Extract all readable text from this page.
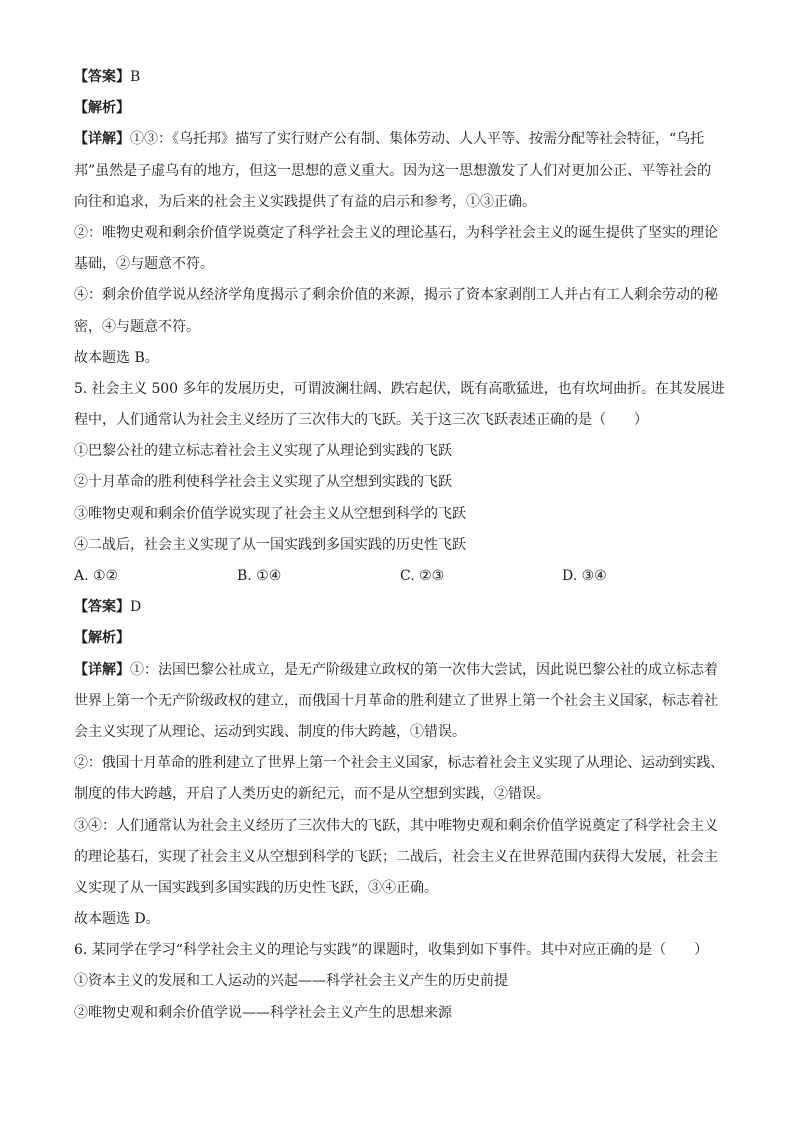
【答案】B
【解析】
【详解】①③：《乌托邦》描写了实行财产公有制、集体劳动、人人平等、按需分配等社会特征，“乌托
邦”虽然是子虚乌有的地方，但这一思想的意义重大。因为这一思想激发了人们对更加公正、平等社会的
向往和追求，为后来的社会主义实践提供了有益的启示和参考，①③正确。
②：唯物史观和剩余价值学说奠定了科学社会主义的理论基石，为科学社会主义的诞生提供了坚实的理论
基础，②与题意不符。
④：剩余价值学说从经济学角度揭示了剩余价值的来源，揭示了资本家剥削工人并占有工人剩余劳动的秘
密，④与题意不符。
故本题选 B。
5. 社会主义 500 多年的发展历史，可谓波澜壮阔、跌宕起伏，既有高歌猛进，也有坎坷曲折。在其发展进
程中，人们通常认为社会主义经历了三次伟大的飞跃。关于这三次飞跃表述正确的是（　　）
①巴黎公社的建立标志着社会主义实现了从理论到实践的飞跃
②十月革命的胜利使科学社会主义实现了从空想到实践的飞跃
③唯物史观和剩余价值学说实现了社会主义从空想到科学的飞跃
④二战后，社会主义实现了从一国实践到多国实践的历史性飞跃
A. ①②	B. ①④	C. ②③	D. ③④
【答案】D
【解析】
【详解】①：法国巴黎公社成立，是无产阶级建立政权的第一次伟大尝试，因此说巴黎公社的成立标志着
世界上第一个无产阶级政权的建立，而俄国十月革命的胜利建立了世界上第一个社会主义国家，标志着社
会主义实现了从理论、运动到实践、制度的伟大跨越，①错误。
②：俄国十月革命的胜利建立了世界上第一个社会主义国家，标志着社会主义实现了从理论、运动到实践、
制度的伟大跨越，开启了人类历史的新纪元，而不是从空想到实践，②错误。
③④：人们通常认为社会主义经历了三次伟大的飞跃，其中唯物史观和剩余价值学说奠定了科学社会主义
的理论基石，实现了社会主义从空想到科学的飞跃；二战后，社会主义在世界范围内获得大发展，社会主
义实现了从一国实践到多国实践的历史性飞跃，③④正确。
故本题选 D。
6. 某同学在学习“科学社会主义的理论与实践”的课题时，收集到如下事件。其中对应正确的是（　　）
①资本主义的发展和工人运动的兴起——科学社会主义产生的历史前提
②唯物史观和剩余价值学说——科学社会主义产生的思想来源
